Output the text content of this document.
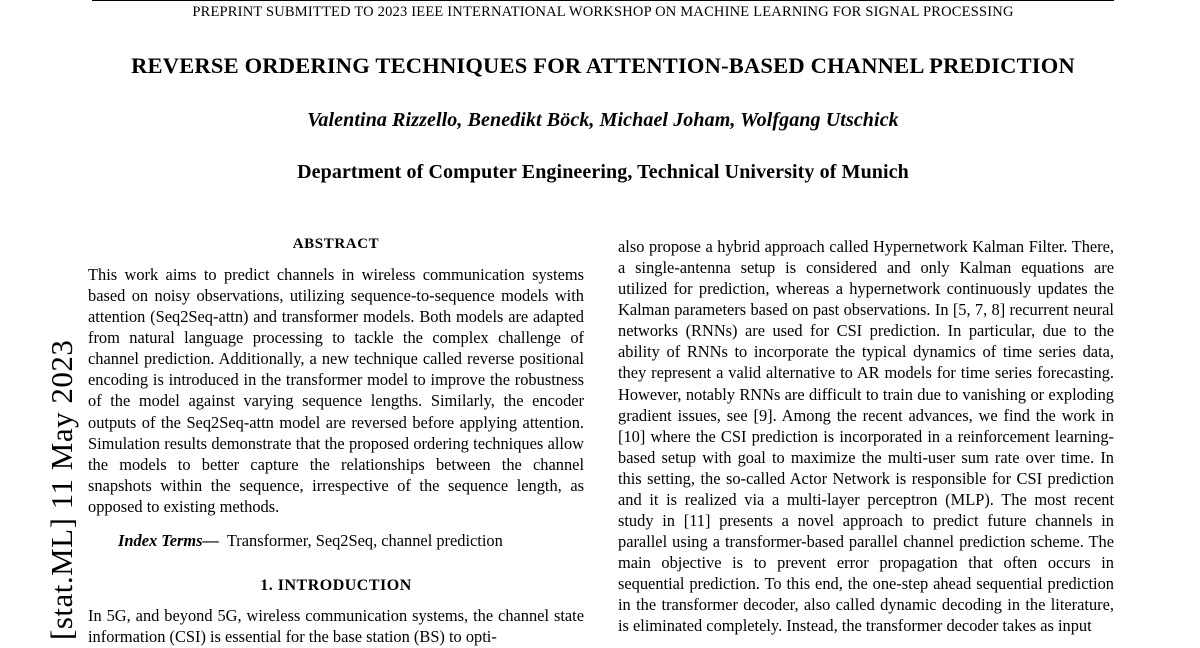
[stat.ML] 11 May 2023
PREPRINT SUBMITTED TO 2023 IEEE INTERNATIONAL WORKSHOP ON MACHINE LEARNING FOR SIGNAL PROCESSING
REVERSE ORDERING TECHNIQUES FOR ATTENTION-BASED CHANNEL PREDICTION
Valentina Rizzello, Benedikt Böck, Michael Joham, Wolfgang Utschick
Department of Computer Engineering, Technical University of Munich
ABSTRACT

This work aims to predict channels in wireless communication systems based on noisy observations, utilizing sequence-to-sequence models with attention (Seq2Seq-attn) and transformer models. Both models are adapted from natural language processing to tackle the complex challenge of channel prediction. Additionally, a new technique called reverse positional encoding is introduced in the transformer model to improve the robustness of the model against varying sequence lengths. Similarly, the encoder outputs of the Seq2Seq-attn model are reversed before applying attention. Simulation results demonstrate that the proposed ordering techniques allow the models to better capture the relationships between the channel snapshots within the sequence, irrespective of the sequence length, as opposed to existing methods.

Index Terms— Transformer, Seq2Seq, channel prediction

1. INTRODUCTION

In 5G, and beyond 5G, wireless communication systems, the channel state information (CSI) is essential for the base station (BS) to opti-

also propose a hybrid approach called Hypernetwork Kalman Filter. There, a single-antenna setup is considered and only Kalman equations are utilized for prediction, whereas a hypernetwork continuously updates the Kalman parameters based on past observations. In [5, 7, 8] recurrent neural networks (RNNs) are used for CSI prediction. In particular, due to the ability of RNNs to incorporate the typical dynamics of time series data, they represent a valid alternative to AR models for time series forecasting. However, notably RNNs are difficult to train due to vanishing or exploding gradient issues, see [9]. Among the recent advances, we find the work in [10] where the CSI prediction is incorporated in a reinforcement learning-based setup with goal to maximize the multi-user sum rate over time. In this setting, the so-called Actor Network is responsible for CSI prediction and it is realized via a multi-layer perceptron (MLP). The most recent study in [11] presents a novel approach to predict future channels in parallel using a transformer-based parallel channel prediction scheme. The main objective is to prevent error propagation that often occurs in sequential prediction. To this end, the one-step ahead sequential prediction in the transformer decoder, also called dynamic decoding in the literature, is eliminated completely. Instead, the transformer decoder takes as input
